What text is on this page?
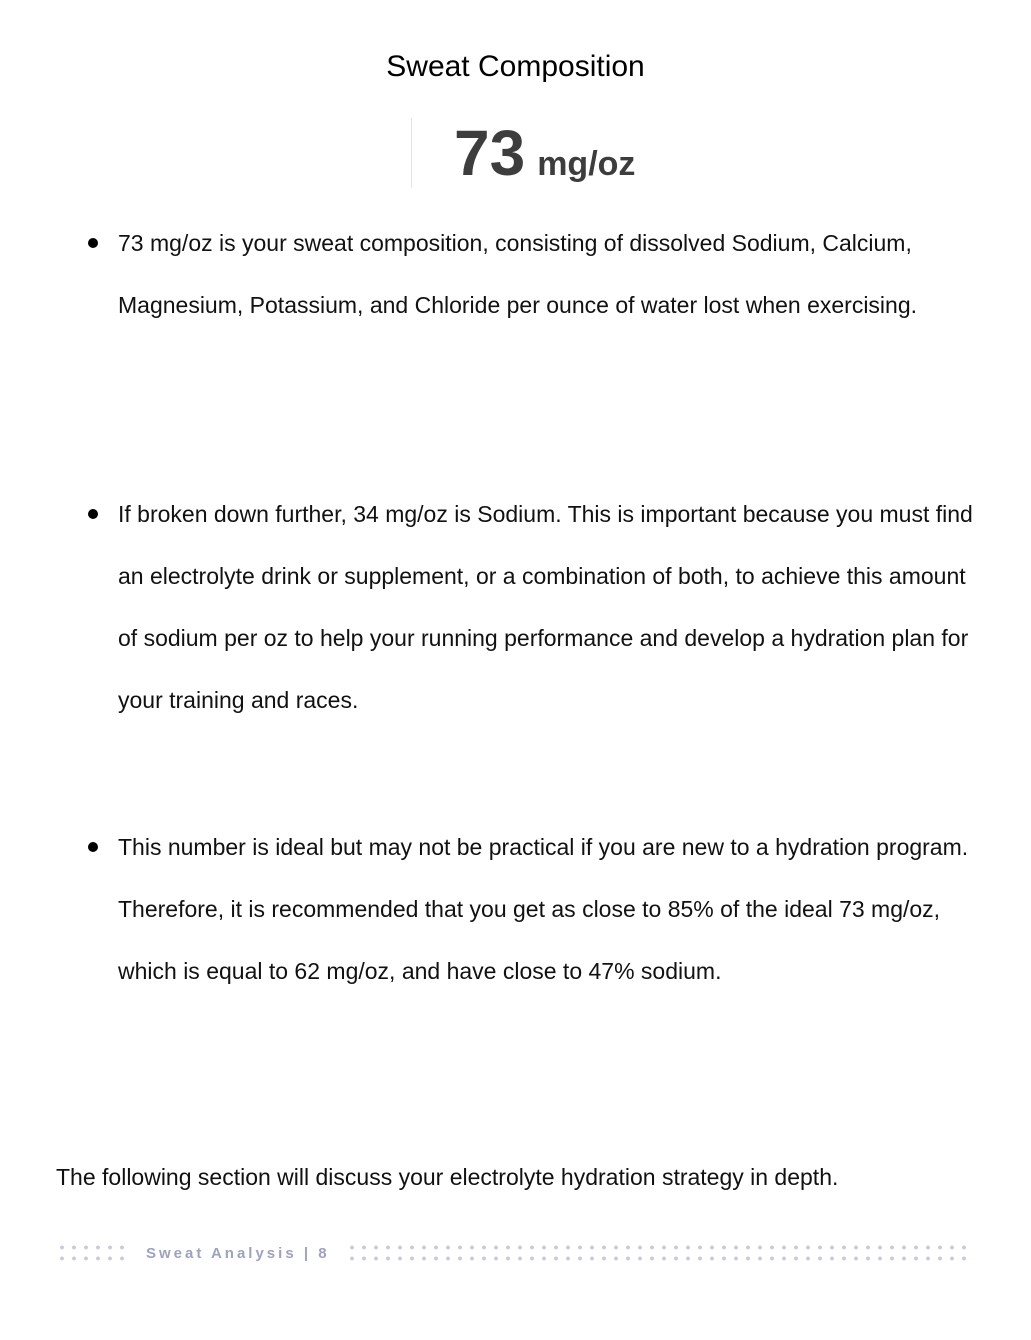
Sweat Composition
73 mg/oz
73 mg/oz is your sweat composition, consisting of dissolved Sodium, Calcium, Magnesium, Potassium, and Chloride per ounce of water lost when exercising.
If broken down further, 34 mg/oz is Sodium. This is important because you must find an electrolyte drink or supplement, or a combination of both, to achieve this amount of sodium per oz to help your running performance and develop a hydration plan for your training and races.
This number is ideal but may not be practical if you are new to a hydration program. Therefore, it is recommended that you get as close to 85% of the ideal 73 mg/oz, which is equal to 62 mg/oz, and have close to 47% sodium.

The following section will discuss your electrolyte hydration strategy in depth.

Sweat Analysis | 8
